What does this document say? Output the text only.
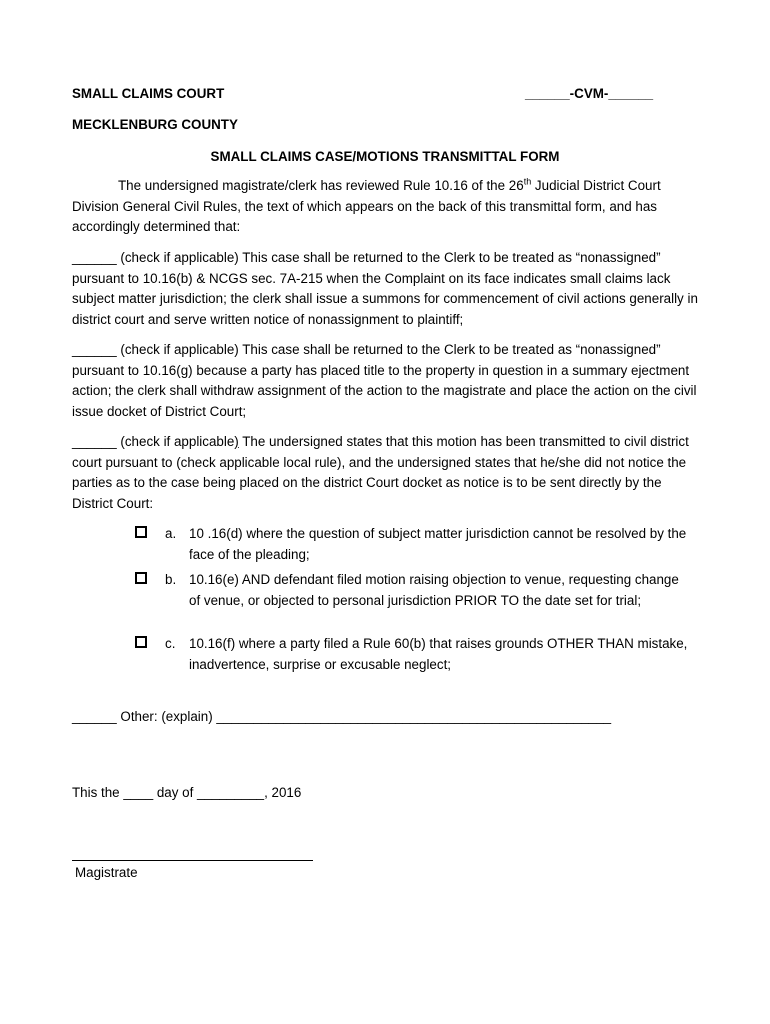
SMALL CLAIMS COURT	______-CVM-______
MECKLENBURG COUNTY
SMALL CLAIMS CASE/MOTIONS TRANSMITTAL FORM
The undersigned magistrate/clerk has reviewed Rule 10.16 of the 26th Judicial District Court Division General Civil Rules, the text of which appears on the back of this transmittal form, and has accordingly determined that:
______ (check if applicable) This case shall be returned to the Clerk to be treated as “nonassigned” pursuant to 10.16(b) & NCGS sec. 7A-215 when the Complaint on its face indicates small claims lack subject matter jurisdiction; the clerk shall issue a summons for commencement of civil actions generally in district court and serve written notice of nonassignment to plaintiff;
______ (check if applicable) This case shall be returned to the Clerk to be treated as “nonassigned” pursuant to 10.16(g) because a party has placed title to the property in question in a summary ejectment action; the clerk shall withdraw assignment of the action to the magistrate and place the action on the civil issue docket of District Court;
______ (check if applicable) The undersigned states that this motion has been transmitted to civil district court pursuant to (check applicable local rule), and the undersigned states that he/she did not notice the parties as to the case being placed on the district Court docket as notice is to be sent directly by the District Court:
a. 10 .16(d) where the question of subject matter jurisdiction cannot be resolved by the face of the pleading;
b. 10.16(e) AND defendant filed motion raising objection to venue, requesting change of venue, or objected to personal jurisdiction PRIOR TO the date set for trial;
c. 10.16(f) where a party filed a Rule 60(b) that raises grounds OTHER THAN mistake, inadvertence, surprise or excusable neglect;
______ Other: (explain) _____________________________________________________
This the ____ day of _________, 2016
Magistrate
